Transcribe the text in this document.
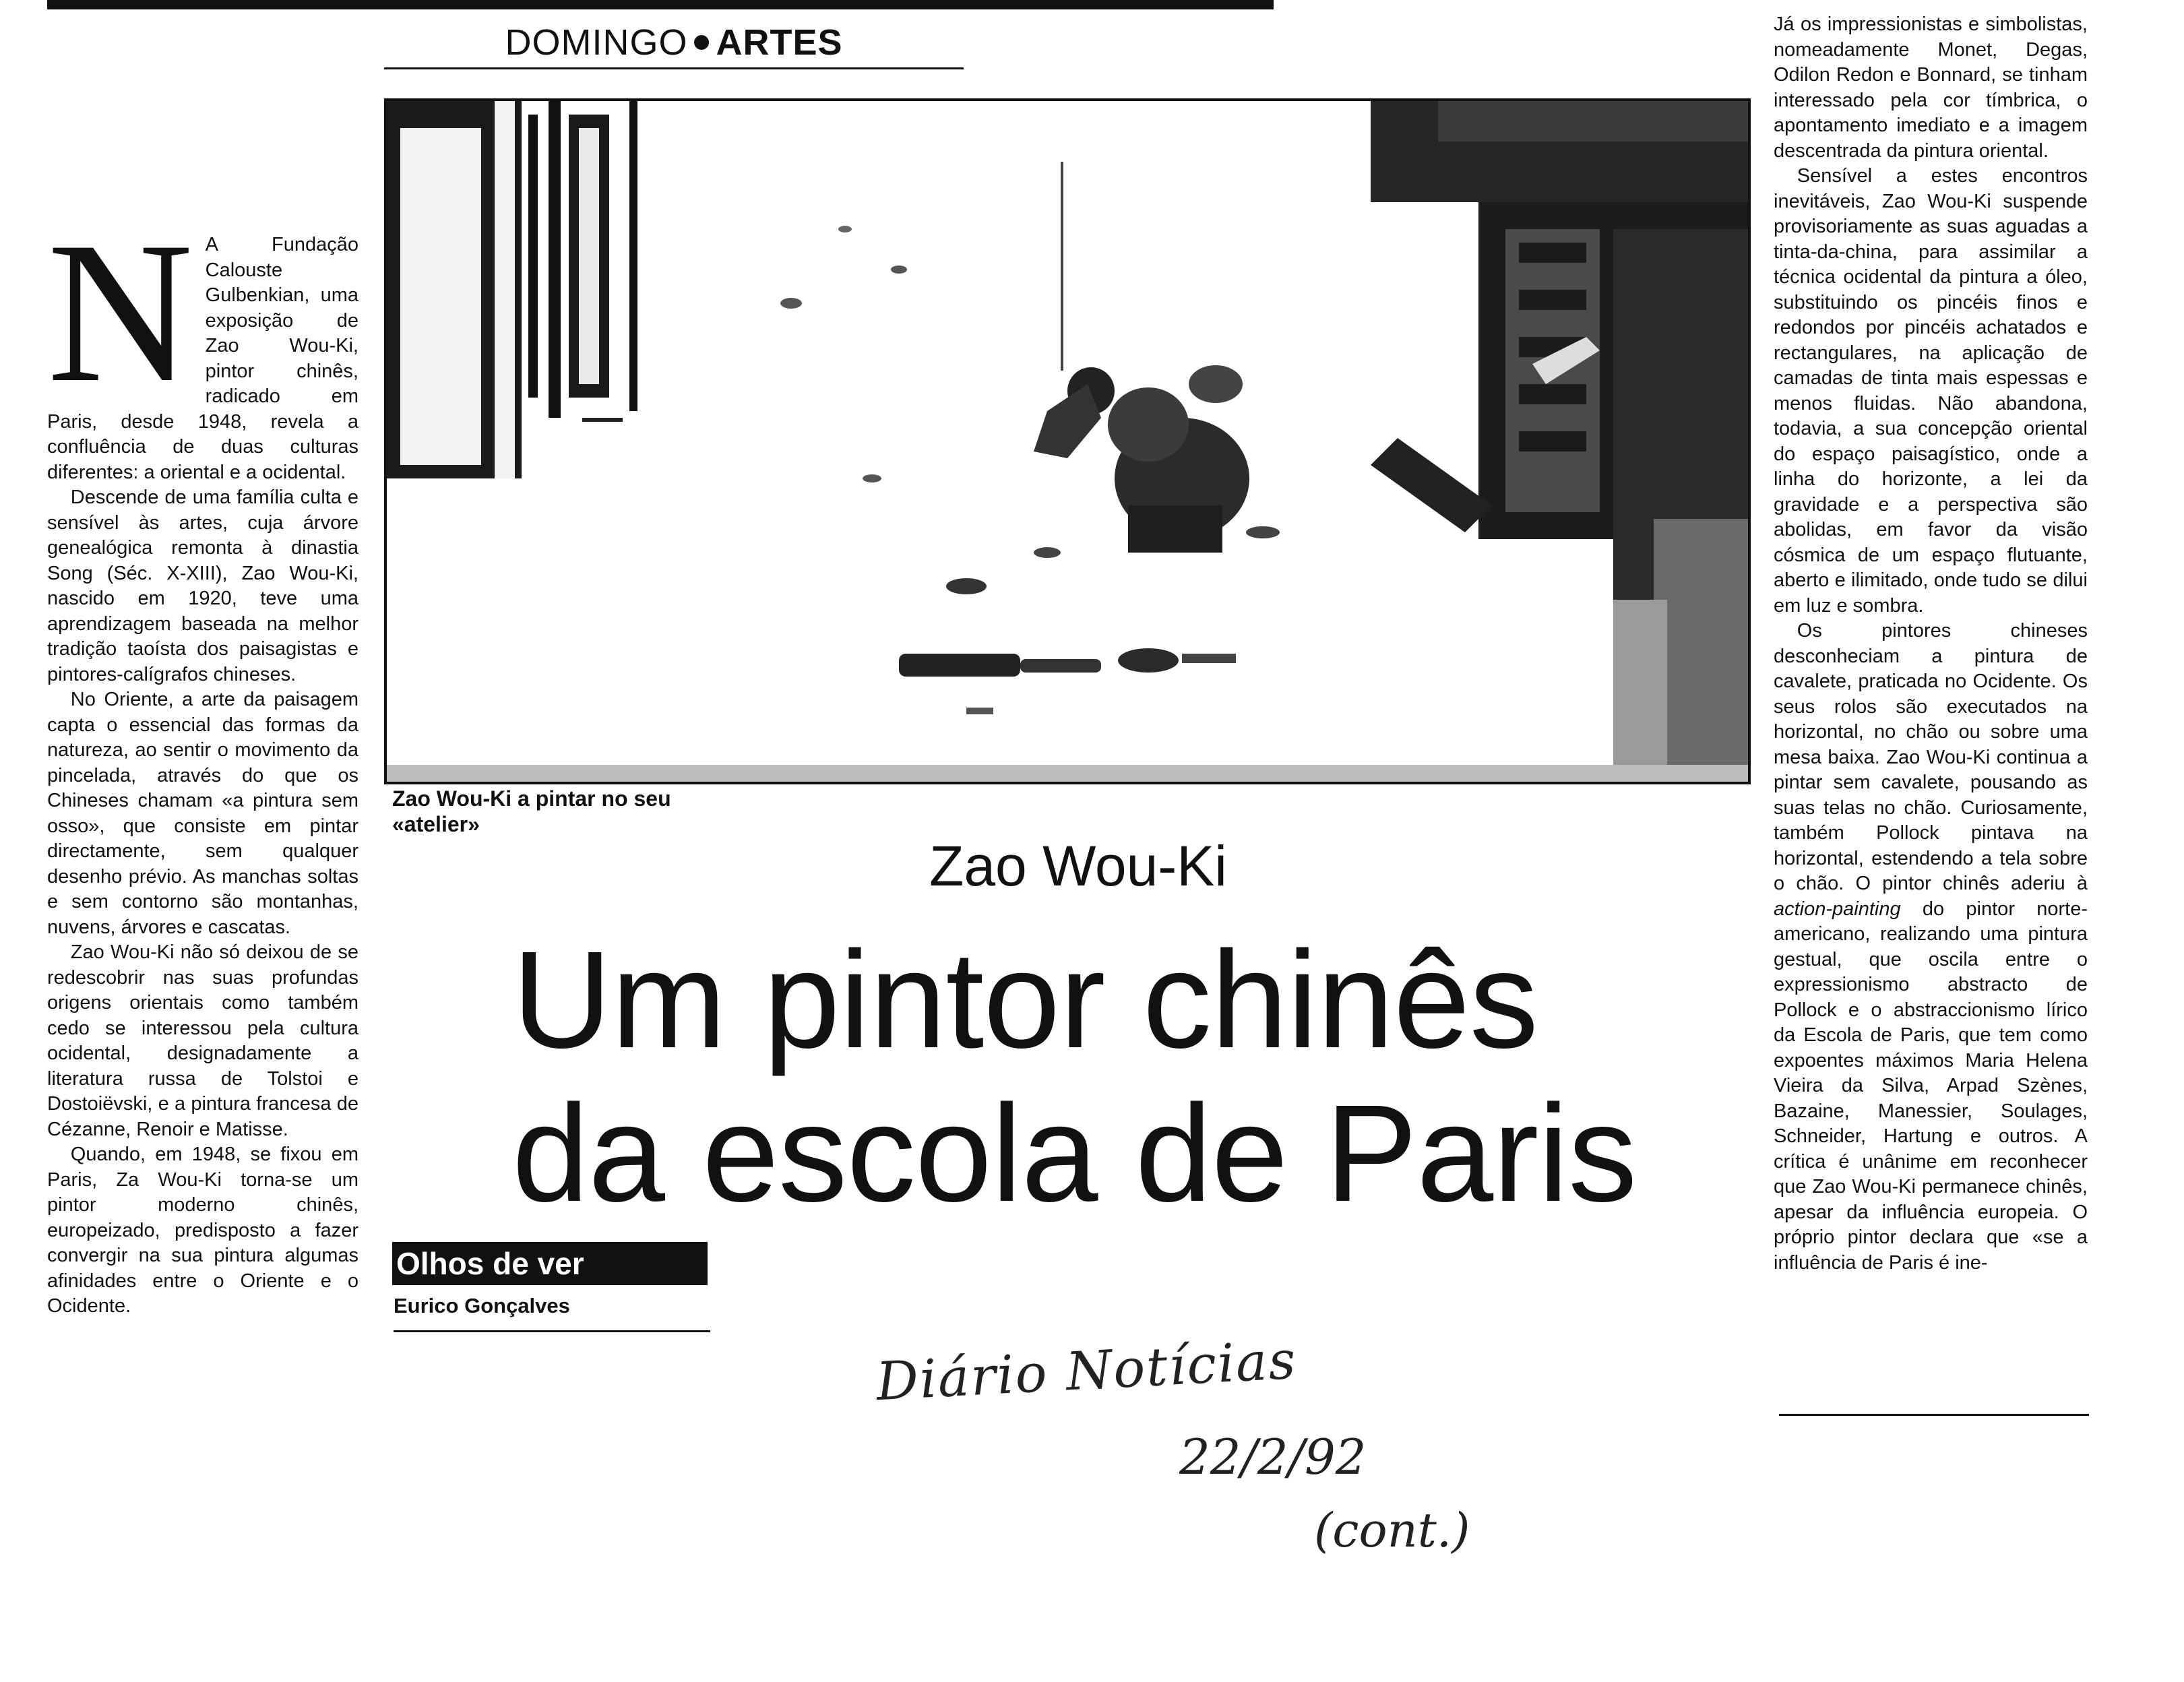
DOMINGO ARTES

N A Fundação Calouste Gulbenkian, uma exposição de Zao Wou-Ki, pintor chinês, radicado em Paris, desde 1948, revela a confluência de duas culturas diferentes: a oriental e a ocidental.

Descende de uma família culta e sensível às artes, cuja árvore genealógica remonta à dinastia Song (Séc. X-XIII), Zao Wou-Ki, nascido em 1920, teve uma aprendizagem baseada na melhor tradição taoísta dos paisagistas e pintores-calígrafos chineses.

No Oriente, a arte da paisagem capta o essencial das formas da natureza, ao sentir o movimento da pincelada, através do que os Chineses chamam «a pintura sem osso», que consiste em pintar directamente, sem qualquer desenho prévio. As manchas soltas e sem contorno são montanhas, nuvens, árvores e cascatas.

Zao Wou-Ki não só deixou de se redescobrir nas suas profundas origens orientais como também cedo se interessou pela cultura ocidental, designadamente a literatura russa de Tolstoi e Dostoiëvski, e a pintura francesa de Cézanne, Renoir e Matisse.

Quando, em 1948, se fixou em Paris, Za Wou-Ki torna-se um pintor moderno chinês, europeizado, predisposto a fazer convergir na sua pintura algumas afinidades entre o Oriente e o Ocidente.

Zao Wou-Ki a pintar no seu «atelier»
Zao Wou-Ki
Um pintor chinês
da escola de Paris
Olhos de ver
Eurico Gonçalves

Já os impressionistas e simbolistas, nomeadamente Monet, Degas, Odilon Redon e Bonnard, se tinham interessado pela cor tímbrica, o apontamento imediato e a imagem descentrada da pintura oriental.

Sensível a estes encontros inevitáveis, Zao Wou-Ki suspende provisoriamente as suas aguadas a tinta-da-china, para assimilar a técnica ocidental da pintura a óleo, substituindo os pincéis finos e redondos por pincéis achatados e rectangulares, na aplicação de camadas de tinta mais espessas e menos fluidas. Não abandona, todavia, a sua concepção oriental do espaço paisagístico, onde a linha do horizonte, a lei da gravidade e a perspectiva são abolidas, em favor da visão cósmica de um espaço flutuante, aberto e ilimitado, onde tudo se dilui em luz e sombra.

Os pintores chineses desconheciam a pintura de cavalete, praticada no Ocidente. Os seus rolos são executados na horizontal, no chão ou sobre uma mesa baixa. Zao Wou-Ki continua a pintar sem cavalete, pousando as suas telas no chão. Curiosamente, também Pollock pintava na horizontal, estendendo a tela sobre o chão. O pintor chinês aderiu à action-painting do pintor norte-americano, realizando uma pintura gestual, que oscila entre o expressionismo abstracto de Pollock e o abstraccionismo lírico da Escola de Paris, que tem como expoentes máximos Maria Helena Vieira da Silva, Arpad Szènes, Bazaine, Manessier, Soulages, Schneider, Hartung e outros. A crítica é unânime em reconhecer que Zao Wou-Ki permanece chinês, apesar da influência europeia. O próprio pintor declara que «se a influência de Paris é ine-

Diário Notícias
22/2/92
(cont.)
